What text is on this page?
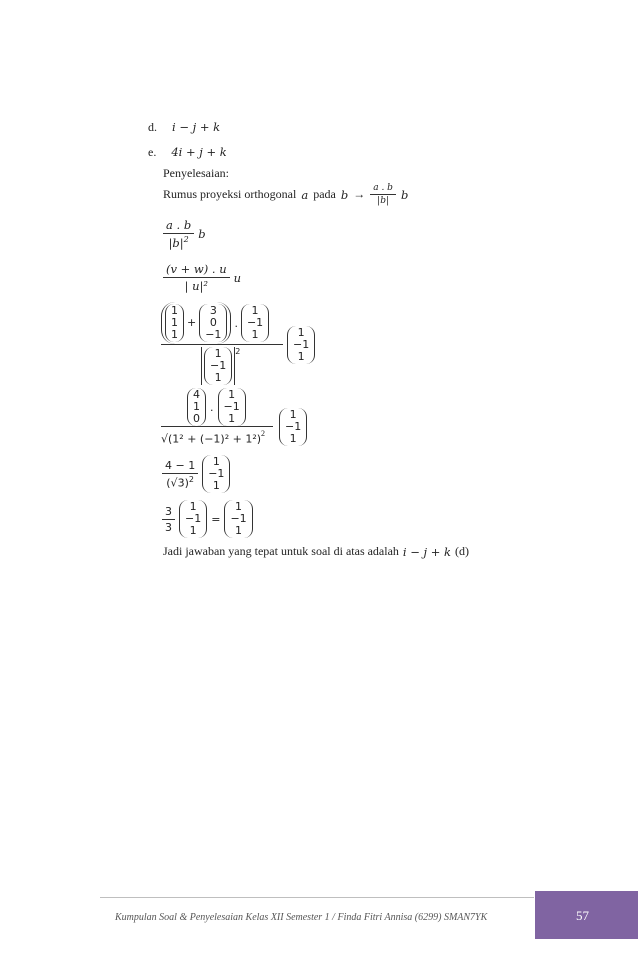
d. i − j + k
e. 4i + j + k
Penyelesaian:
Rumus proyeksi orthogonal a pada $b \to \frac{a . b}{|b|}$ b
$\frac{a . b}{|b|^2}$ b
$\frac{(v + w) . u}{\text{| u|²}}$ u
1
1
1
+
3
0
−1
.
1
−1
1
1
−1
1
$^2$
1
−1
1
4
1
0
.
1
−1
1
$√(1^2 + (-1)^2 + 1^2)^2$
1
−1
1
$\frac{4 - 1}{(√3)^2} 1$
−1
1
$\frac{3}{3} 1$
−1
1
=
1
−1
1
Jadi jawaban yang tepat untuk soal di atas adalah i − j + k (d)
Kumpulan Soal & Penyelesaian Kelas XII Semester 1 / Finda Fitri Annisa (6299) SMAN7YK	57
